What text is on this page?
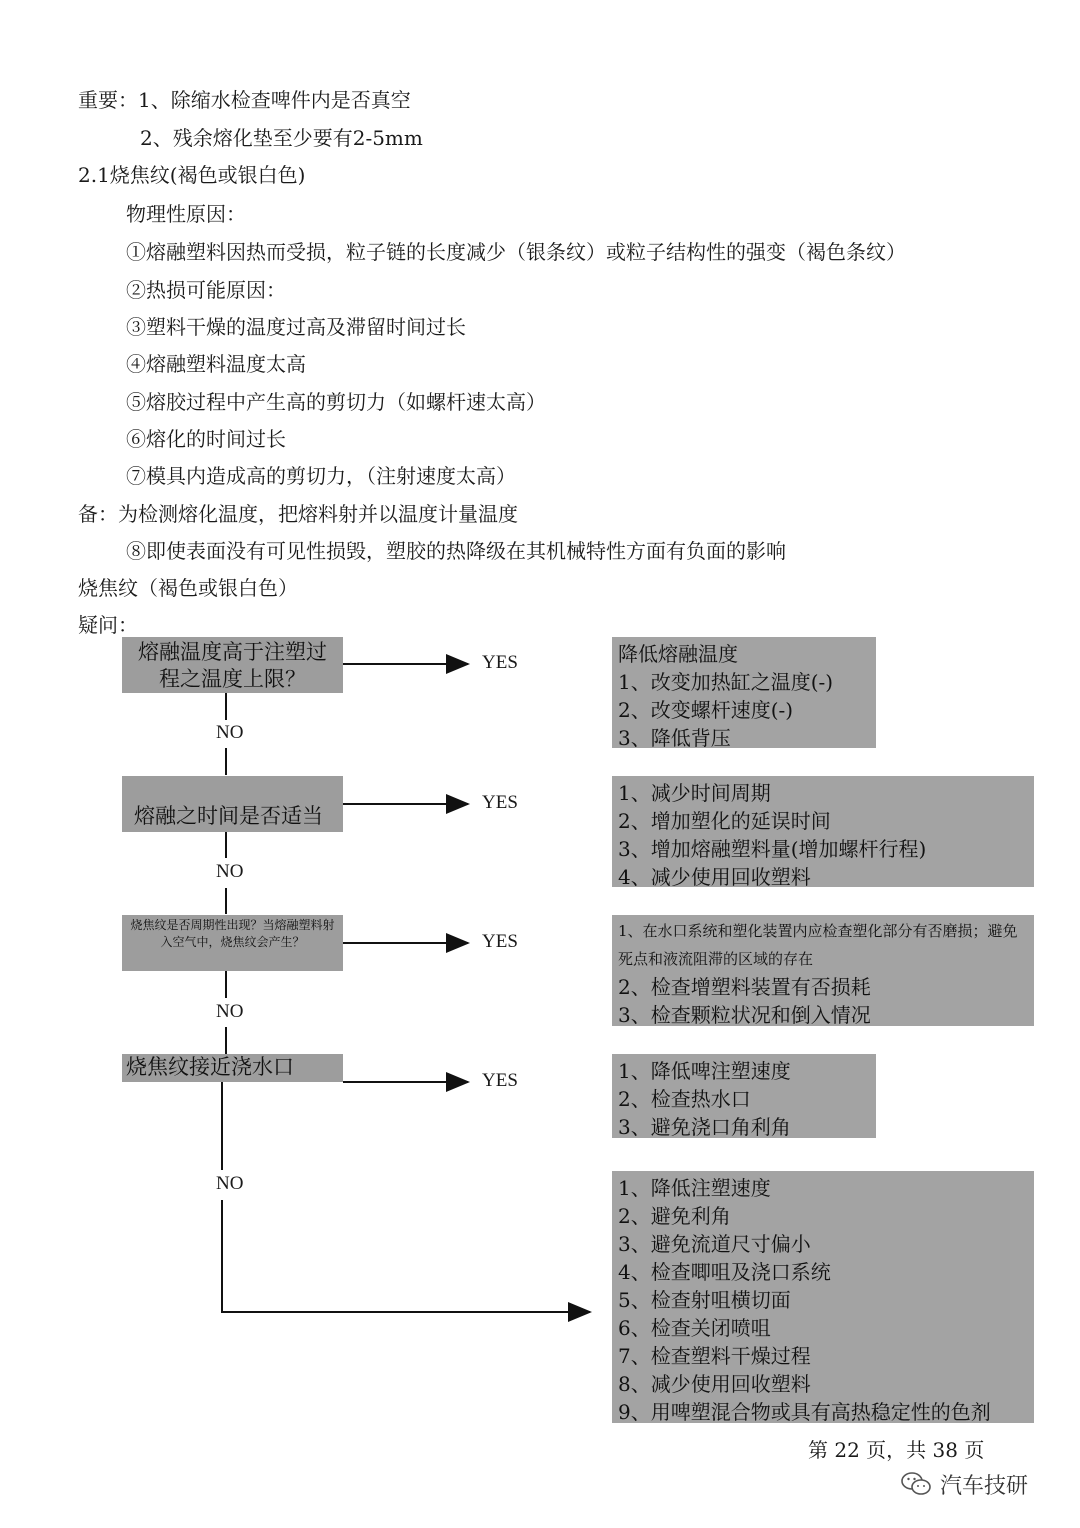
重要：1、除缩水检查啤件内是否真空
2、残余熔化垫至少要有2-5mm
2.1烧焦纹(褐色或银白色)
物理性原因：
①熔融塑料因热而受损，粒子链的长度减少（银条纹）或粒子结构性的强变（褐色条纹）
②热损可能原因：
③塑料干燥的温度过高及滞留时间过长
④熔融塑料温度太高
⑤熔胶过程中产生高的剪切力（如螺杆速太高）
⑥熔化的时间过长
⑦模具内造成高的剪切力，（注射速度太高）
备：为检测熔化温度，把熔料射并以温度计量温度
⑧即使表面没有可见性损毁，塑胶的热降级在其机械特性方面有负面的影响
烧焦纹（褐色或银白色）
疑问：
熔融温度高于注塑过程之温度上限？
熔融之时间是否适当
烧焦纹是否周期性出现？当熔融塑料射入空气中，烧焦纹会产生？
烧焦纹接近浇水口
YES
YES
YES
YES
NO
NO
NO
NO
降低熔融温度
1、改变加热缸之温度(-)
2、改变螺杆速度(-)
3、降低背压
1、减少时间周期
2、增加塑化的延误时间
3、增加熔融塑料量(增加螺杆行程)
4、减少使用回收塑料
1、在水口系统和塑化装置内应检查塑化部分有否磨损；避免死点和液流阻滞的区域的存在
2、检查增塑料装置有否损耗
3、检查颗粒状况和倒入情况
1、降低啤注塑速度
2、检查热水口
3、避免浇口角利角
1、降低注塑速度
2、避免利角
3、避免流道尺寸偏小
4、检查唧咀及浇口系统
5、检查射咀横切面
6、检查关闭喷咀
7、检查塑料干燥过程
8、减少使用回收塑料
9、用啤塑混合物或具有高热稳定性的色剂
第 22 页，共 38 页
汽车技研
